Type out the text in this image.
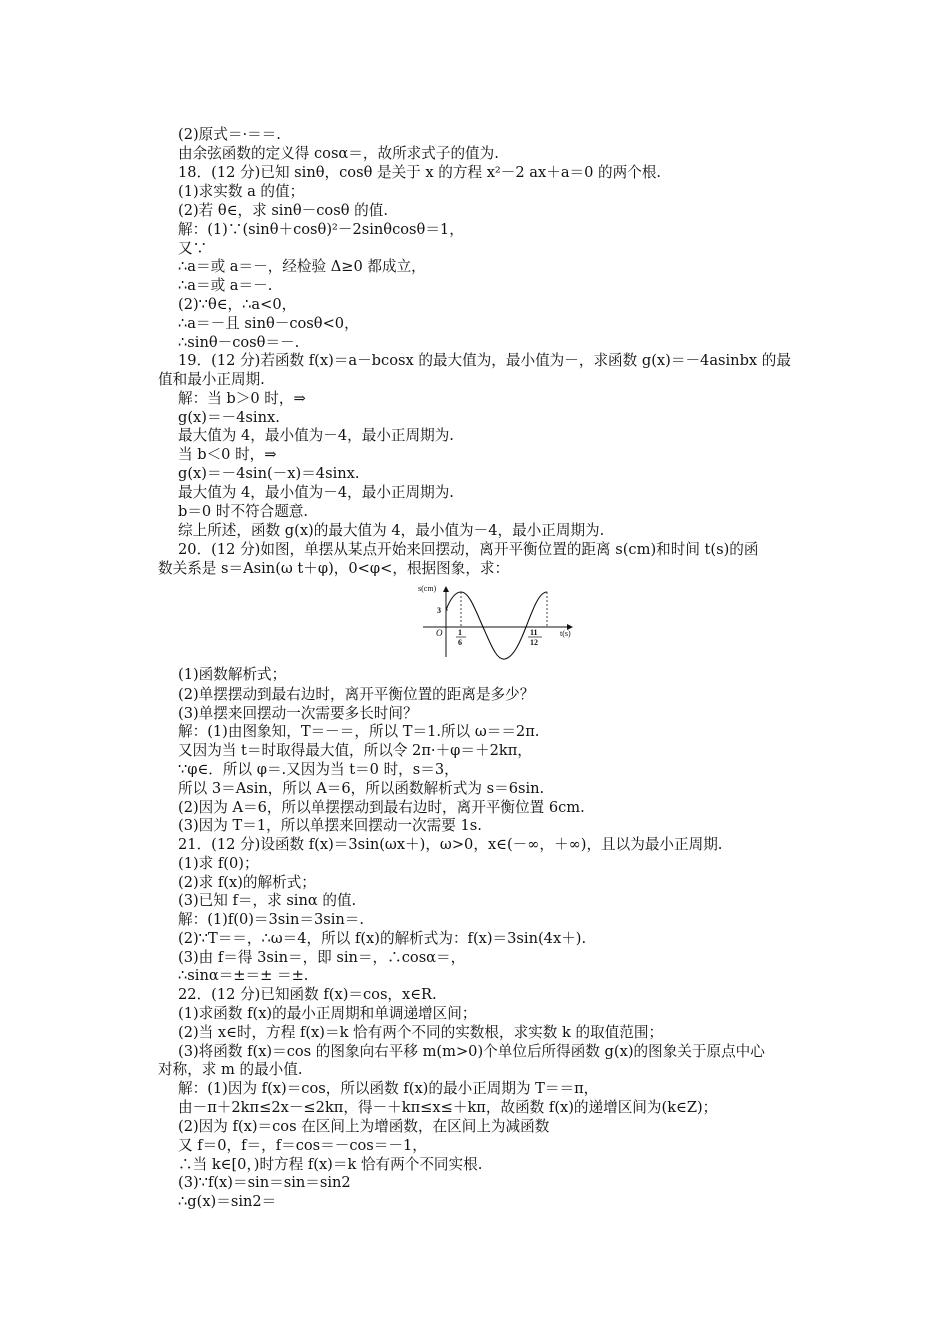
(2)原式＝·＝＝.
由余弦函数的定义得 cosα＝，故所求式子的值为.
18．(12 分)已知 sinθ，cosθ 是关于 x 的方程 x²－2 ax＋a＝0 的两个根.
(1)求实数 a 的值；
(2)若 θ∈，求 sinθ－cosθ 的值.
解：(1)∵(sinθ＋cosθ)²－2sinθcosθ＝1，
又∵
∴a＝或 a＝－，经检验 Δ≥0 都成立，
∴a＝或 a＝－.
(2)∵θ∈，∴a<0，
∴a＝－且 sinθ－cosθ<0，
∴sinθ－cosθ＝－.
19．(12 分)若函数 f(x)＝a－bcosx 的最大值为，最小值为－，求函数 g(x)＝－4asinbx 的最
值和最小正周期.
解：当 b＞0 时，⇒
g(x)＝－4sinx.
最大值为 4，最小值为－4，最小正周期为.
当 b＜0 时，⇒
g(x)＝－4sin(－x)＝4sinx.
最大值为 4，最小值为－4，最小正周期为.
b＝0 时不符合题意.
综上所述，函数 g(x)的最大值为 4，最小值为－4，最小正周期为.
20．(12 分)如图，单摆从某点开始来回摆动，离开平衡位置的距离 s(cm)和时间 t(s)的函
数关系是 s＝Asin(ω t＋φ)，0<φ<，根据图象，求：
(1)函数解析式；
(2)单摆摆动到最右边时，离开平衡位置的距离是多少？
(3)单摆来回摆动一次需要多长时间？
解：(1)由图象知，T＝－＝，所以 T＝1.所以 ω＝＝2π.
又因为当 t＝时取得最大值，所以令 2π·＋φ＝＋2kπ，
∵φ∈．所以 φ＝.又因为当 t＝0 时，s＝3，
所以 3＝Asin，所以 A＝6，所以函数解析式为 s＝6sin.
(2)因为 A＝6，所以单摆摆动到最右边时，离开平衡位置 6cm.
(3)因为 T＝1，所以单摆来回摆动一次需要 1s.
21．(12 分)设函数 f(x)＝3sin(ωx＋)，ω>0，x∈(－∞，＋∞)，且以为最小正周期.
(1)求 f(0)；
(2)求 f(x)的解析式；
(3)已知 f＝，求 sinα 的值.
解：(1)f(0)＝3sin＝3sin＝.
(2)∵T＝＝，∴ω＝4，所以 f(x)的解析式为：f(x)＝3sin(4x＋).
(3)由 f＝得 3sin＝，即 sin＝，∴cosα＝，
∴sinα＝±＝± ＝±.
22．(12 分)已知函数 f(x)＝cos，x∈R.
(1)求函数 f(x)的最小正周期和单调递增区间；
(2)当 x∈时，方程 f(x)＝k 恰有两个不同的实数根，求实数 k 的取值范围；
(3)将函数 f(x)＝cos 的图象向右平移 m(m>0)个单位后所得函数 g(x)的图象关于原点中心
对称，求 m 的最小值.
解：(1)因为 f(x)＝cos，所以函数 f(x)的最小正周期为 T＝＝π，
由－π＋2kπ≤2x－≤2kπ，得－＋kπ≤x≤＋kπ，故函数 f(x)的递增区间为(k∈Z)；
(2)因为 f(x)＝cos 在区间上为增函数，在区间上为减函数
又 f＝0，f＝，f＝cos＝－cos＝－1，
∴当 k∈[0，)时方程 f(x)＝k 恰有两个不同实根.
(3)∵f(x)＝sin＝sin＝sin2
∴g(x)＝sin2＝
s(cm)
t(s)
O
3
1
6
11
12
